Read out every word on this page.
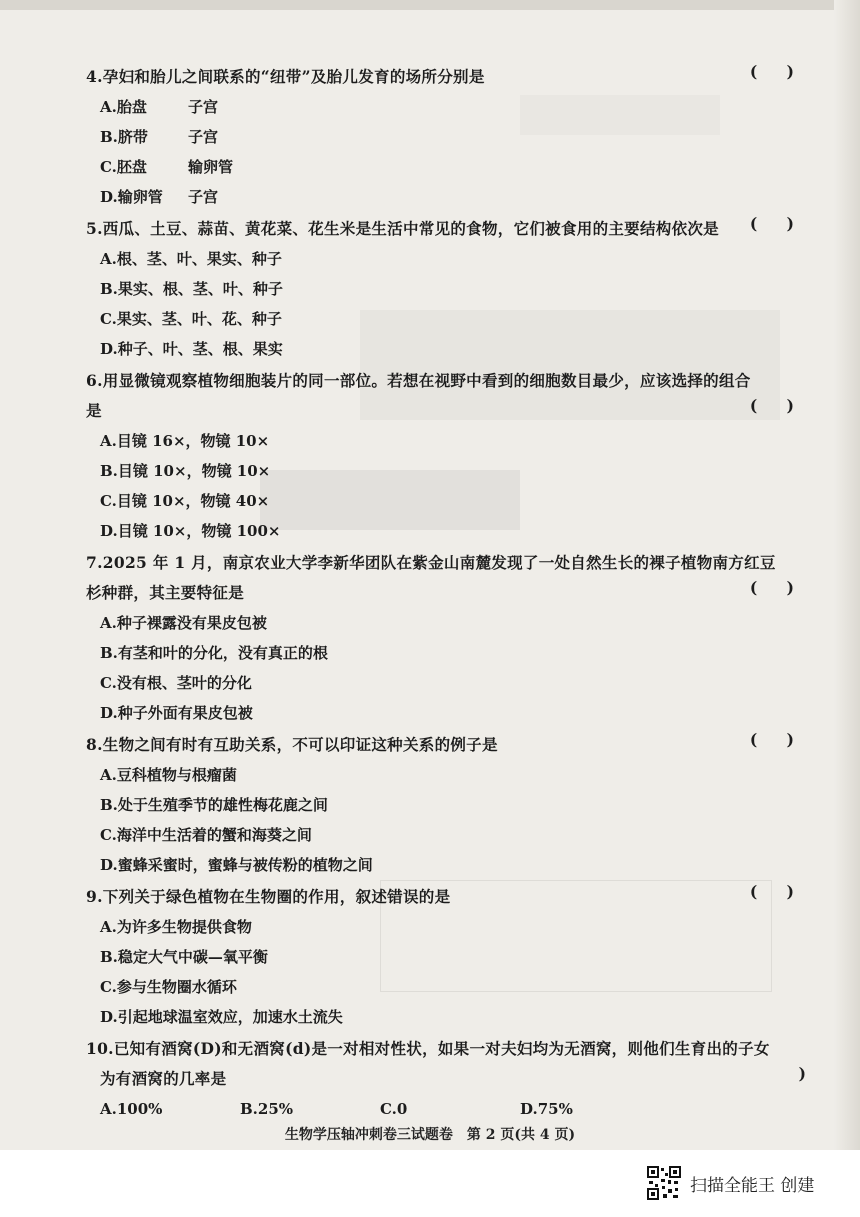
4.孕妇和胎儿之间联系的“纽带”及胎儿发育的场所分别是	( )
A.胎盘	子宫
B.脐带	子宫
C.胚盘	输卵管
D.输卵管 子宫
5.西瓜、土豆、蒜苗、黄花菜、花生米是生活中常见的食物，它们被食用的主要结构依次是	( )
A.根、茎、叶、果实、种子
B.果实、根、茎、叶、种子
C.果实、茎、叶、花、种子
D.种子、叶、茎、根、果实
6.用显微镜观察植物细胞装片的同一部位。若想在视野中看到的细胞数目最少，应该选择的组合
是	( )
A.目镜 16×，物镜 10×
B.目镜 10×，物镜 10×
C.目镜 10×，物镜 40×
D.目镜 10×，物镜 100×
7.2025 年 1 月，南京农业大学李新华团队在紫金山南麓发现了一处自然生长的裸子植物南方红豆
杉种群，其主要特征是	( )
A.种子裸露没有果皮包被
B.有茎和叶的分化，没有真正的根
C.没有根、茎叶的分化
D.种子外面有果皮包被
8.生物之间有时有互助关系，不可以印证这种关系的例子是	( )
A.豆科植物与根瘤菌
B.处于生殖季节的雄性梅花鹿之间
C.海洋中生活着的蟹和海葵之间
D.蜜蜂采蜜时，蜜蜂与被传粉的植物之间
9.下列关于绿色植物在生物圈的作用，叙述错误的是	( )
A.为许多生物提供食物
B.稳定大气中碳—氧平衡
C.参与生物圈水循环
D.引起地球温室效应，加速水土流失
10.已知有酒窝(D)和无酒窝(d)是一对相对性状，如果一对夫妇均为无酒窝，则他们生育出的子女
为有酒窝的几率是	)
A.100%	B.25%	C.0	D.75%
生物学压轴冲刺卷三试题卷　第 2 页(共 4 页)
扫描全能王 创建
